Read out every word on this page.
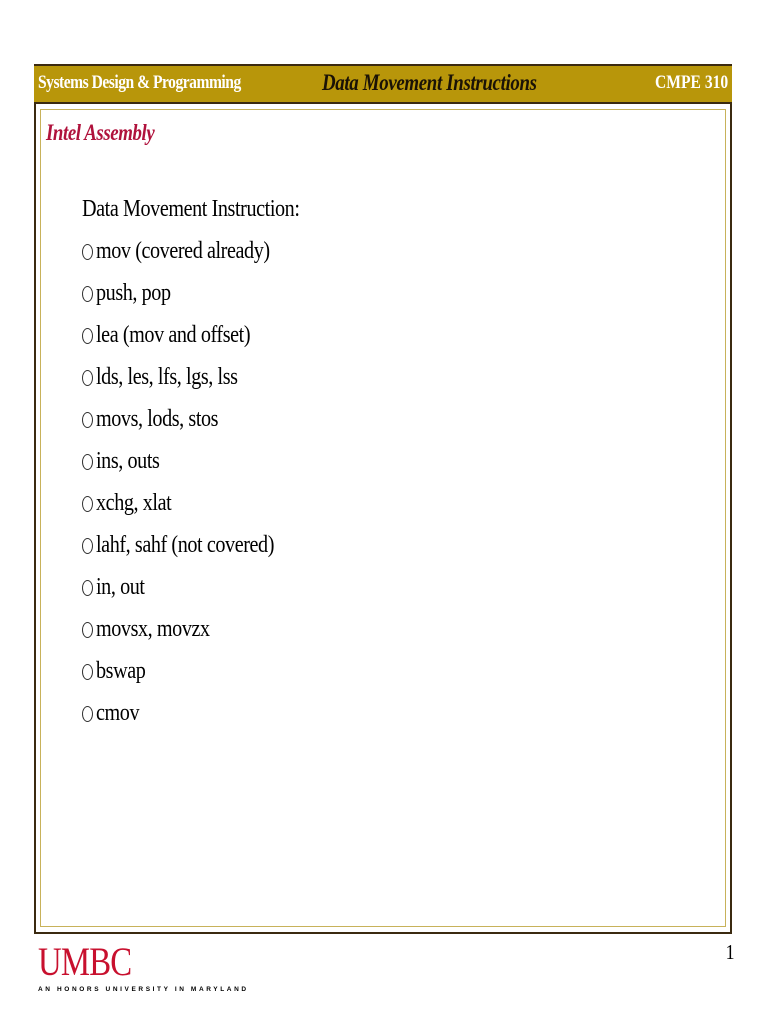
Systems Design & Programming	Data Movement Instructions	CMPE 310
Intel Assembly
Data Movement Instruction:
mov (covered already)
push, pop
lea (mov and offset)
lds, les, lfs, lgs, lss
movs, lods, stos
ins, outs
xchg, xlat
lahf, sahf (not covered)
in, out
movsx, movzx
bswap
cmov
UMBC
AN HONORS UNIVERSITY IN MARYLAND
1
